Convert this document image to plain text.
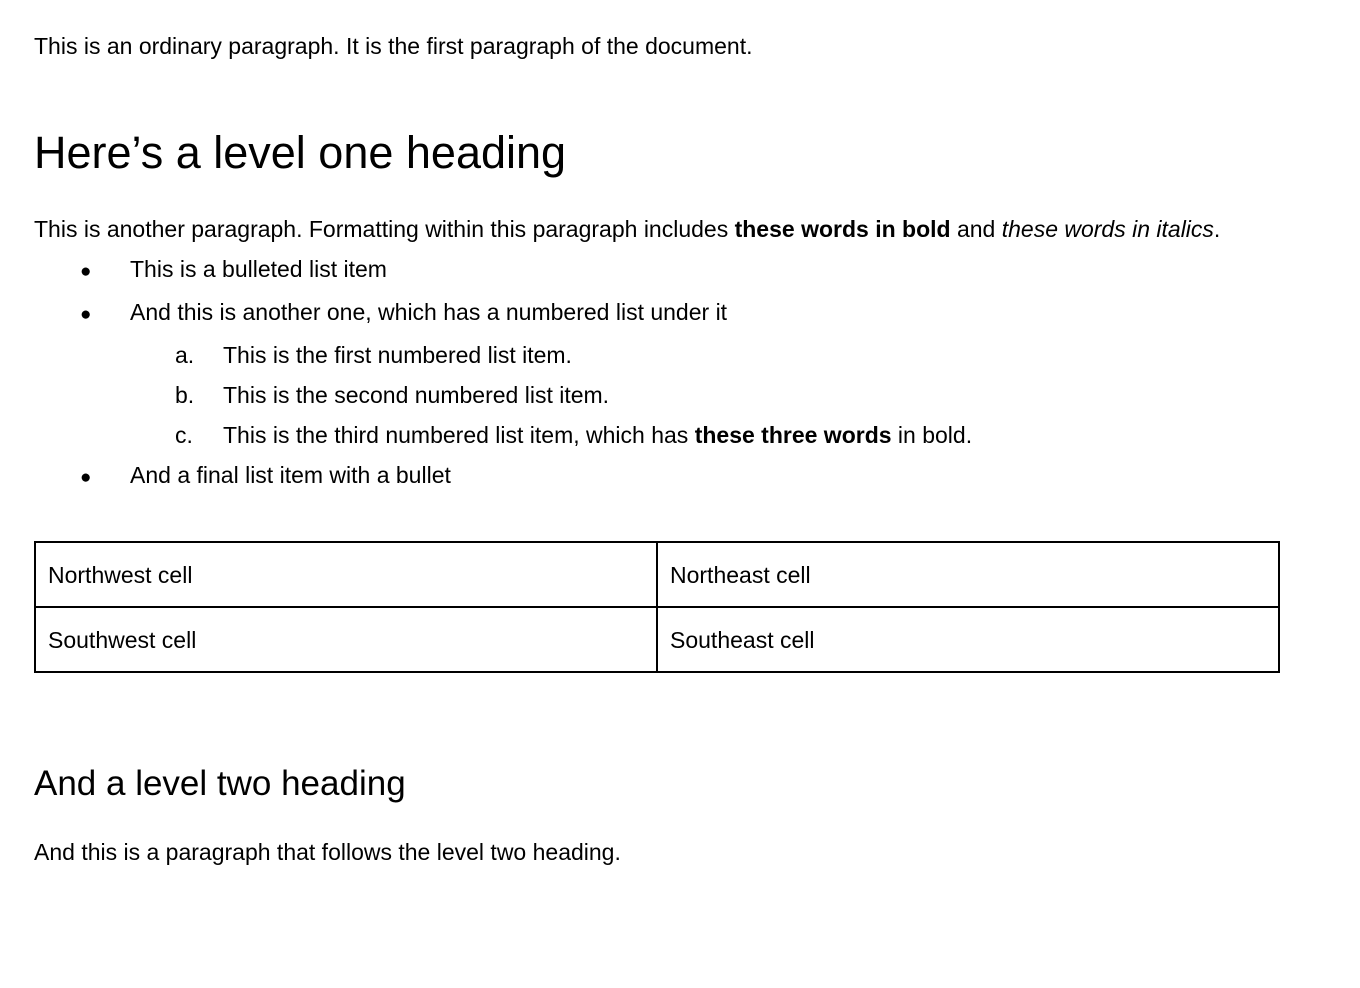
This is an ordinary paragraph. It is the first paragraph of the document.

Here’s a level one heading

This is another paragraph. Formatting within this paragraph includes these words in bold and these words in italics.

●	This is a bulleted list item
●	And this is another one, which has a numbered list under it
a.	This is the first numbered list item.
b.	This is the second numbered list item.
c.	This is the third numbered list item, which has these three words in bold.
●	And a final list item with a bullet
Northwest cell	Northeast cell
Southwest cell	Southeast cell
And a level two heading

And this is a paragraph that follows the level two heading.
